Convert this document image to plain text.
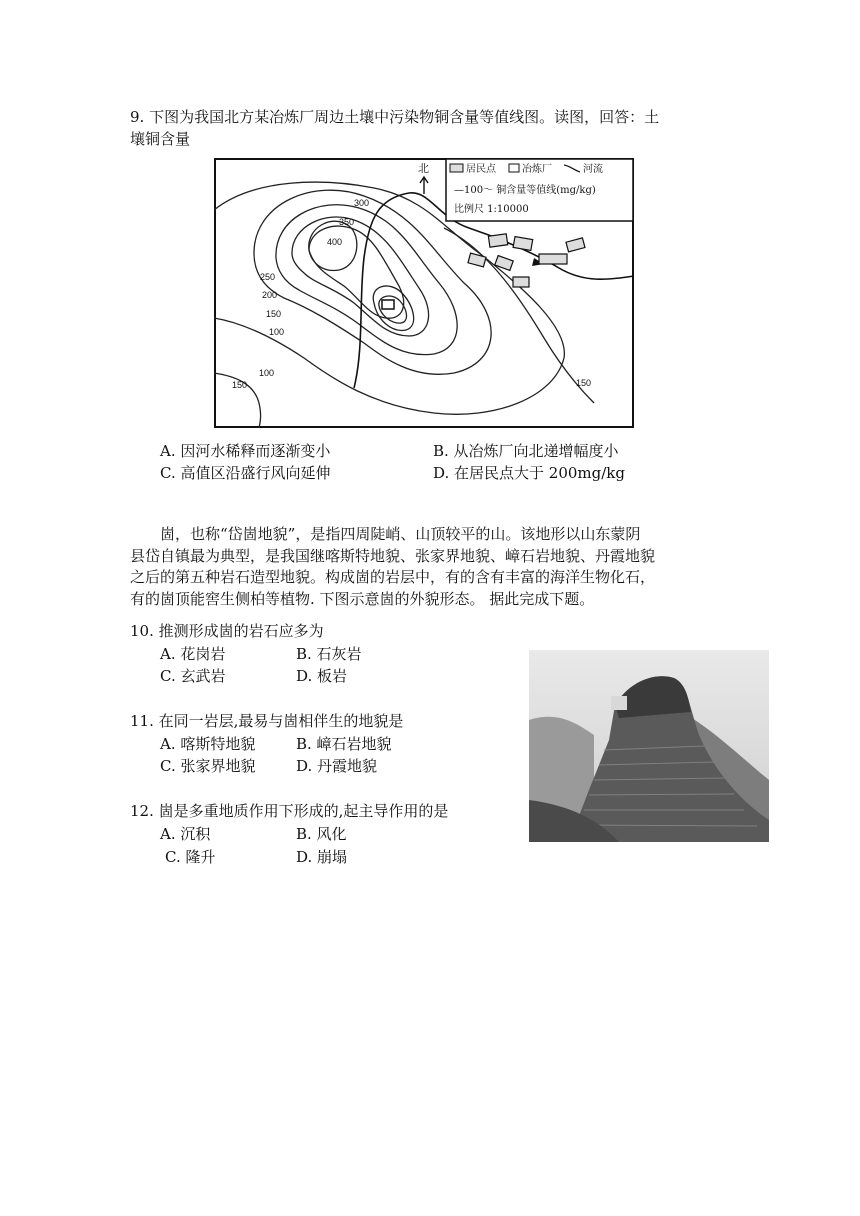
9. 下图为我国北方某冶炼厂周边土壤中污染物铜含量等值线图。读图，回答：土
壤铜含量
300
350
400
250
200
150
100
100
150	150
北	居民点	冶炼厂	河流
—100～ 铜含量等值线(mg/kg)
比例尺 1:10000
A. 因河水稀释而逐渐变小	B. 从冶炼厂向北递增幅度小
C. 高值区沿盛行风向延伸	D. 在居民点大于 200mg/kg
　　崮，也称“岱崮地貌”，是指四周陡峭、山顶较平的山。该地形以山东蒙阴
县岱自镇最为典型，是我国继喀斯特地貌、张家界地貌、嶂石岩地貌、丹霞地貌
之后的第五种岩石造型地貌。构成崮的岩层中，有的含有丰富的海洋生物化石，
有的崮顶能窖生侧柏等植物. 下图示意崮的外貌形态。 据此完成下题。
10. 推测形成崮的岩石应多为
A. 花岗岩	B. 石灰岩
C. 玄武岩	D. 板岩
11. 在同一岩层,最易与崮相伴生的地貌是
A. 喀斯特地貌	B. 嶂石岩地貌
C. 张家界地貌	D. 丹霞地貌
12. 崮是多重地质作用下形成的,起主导作用的是
A. 沉积	B. 风化
C. 隆升	D. 崩塌
